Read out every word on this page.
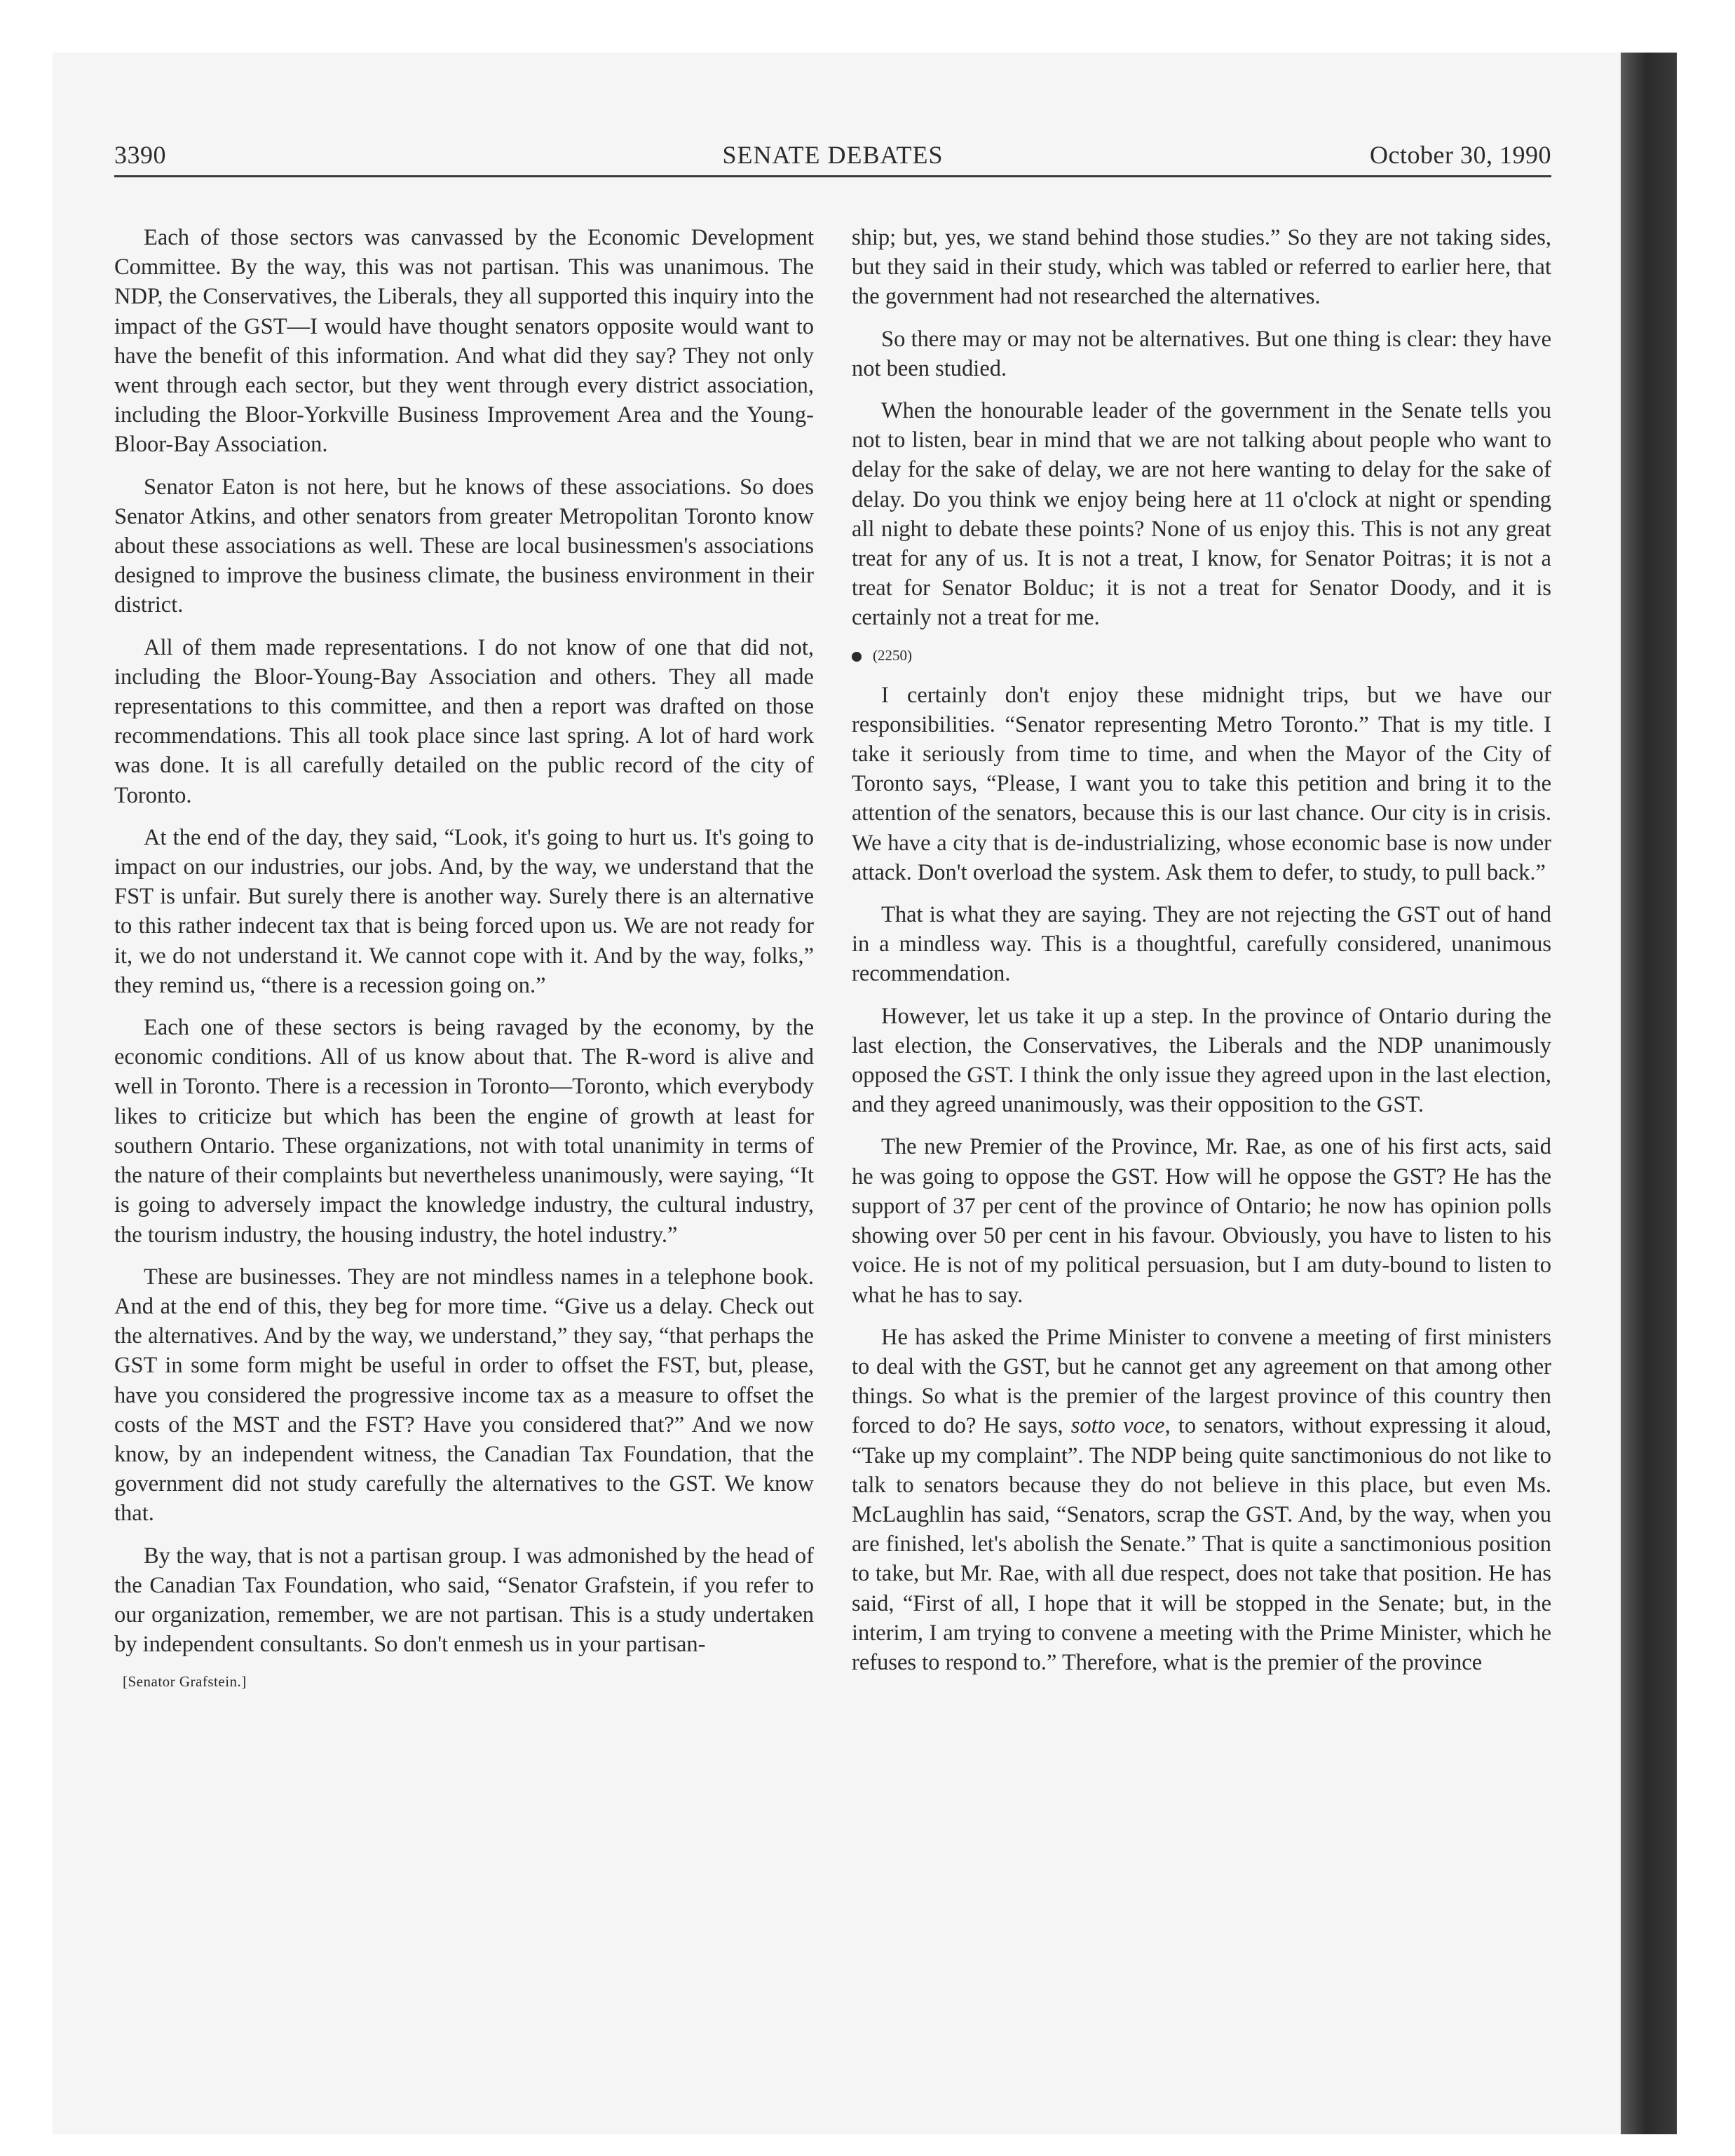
3390	SENATE DEBATES	October 30, 1990

Each of those sectors was canvassed by the Economic Development Committee. By the way, this was not partisan. This was unanimous. The NDP, the Conservatives, the Liberals, they all supported this inquiry into the impact of the GST—I would have thought senators opposite would want to have the benefit of this information. And what did they say? They not only went through each sector, but they went through every district association, including the Bloor-Yorkville Business Improvement Area and the Young-Bloor-Bay Association.

Senator Eaton is not here, but he knows of these associations. So does Senator Atkins, and other senators from greater Metropolitan Toronto know about these associations as well. These are local businessmen's associations designed to improve the business climate, the business environment in their district.

All of them made representations. I do not know of one that did not, including the Bloor-Young-Bay Association and others. They all made representations to this committee, and then a report was drafted on those recommendations. This all took place since last spring. A lot of hard work was done. It is all carefully detailed on the public record of the city of Toronto.

At the end of the day, they said, “Look, it's going to hurt us. It's going to impact on our industries, our jobs. And, by the way, we understand that the FST is unfair. But surely there is another way. Surely there is an alternative to this rather indecent tax that is being forced upon us. We are not ready for it, we do not understand it. We cannot cope with it. And by the way, folks,” they remind us, “there is a recession going on.”

Each one of these sectors is being ravaged by the economy, by the economic conditions. All of us know about that. The R-word is alive and well in Toronto. There is a recession in Toronto—Toronto, which everybody likes to criticize but which has been the engine of growth at least for southern Ontario. These organizations, not with total unanimity in terms of the nature of their complaints but nevertheless unanimously, were saying, “It is going to adversely impact the knowledge industry, the cultural industry, the tourism industry, the housing industry, the hotel industry.”

These are businesses. They are not mindless names in a telephone book. And at the end of this, they beg for more time. “Give us a delay. Check out the alternatives. And by the way, we understand,” they say, “that perhaps the GST in some form might be useful in order to offset the FST, but, please, have you considered the progressive income tax as a measure to offset the costs of the MST and the FST? Have you considered that?” And we now know, by an independent witness, the Canadian Tax Foundation, that the government did not study carefully the alternatives to the GST. We know that.

By the way, that is not a partisan group. I was admonished by the head of the Canadian Tax Foundation, who said, “Senator Grafstein, if you refer to our organization, remember, we are not partisan. This is a study undertaken by independent consultants. So don't enmesh us in your partisan-

[Senator Grafstein.]

ship; but, yes, we stand behind those studies.” So they are not taking sides, but they said in their study, which was tabled or referred to earlier here, that the government had not researched the alternatives.

So there may or may not be alternatives. But one thing is clear: they have not been studied.

When the honourable leader of the government in the Senate tells you not to listen, bear in mind that we are not talking about people who want to delay for the sake of delay, we are not here wanting to delay for the sake of delay. Do you think we enjoy being here at 11 o'clock at night or spending all night to debate these points? None of us enjoy this. This is not any great treat for any of us. It is not a treat, I know, for Senator Poitras; it is not a treat for Senator Bolduc; it is not a treat for Senator Doody, and it is certainly not a treat for me.

(2250)

I certainly don't enjoy these midnight trips, but we have our responsibilities. “Senator representing Metro Toronto.” That is my title. I take it seriously from time to time, and when the Mayor of the City of Toronto says, “Please, I want you to take this petition and bring it to the attention of the senators, because this is our last chance. Our city is in crisis. We have a city that is de-industrializing, whose economic base is now under attack. Don't overload the system. Ask them to defer, to study, to pull back.”

That is what they are saying. They are not rejecting the GST out of hand in a mindless way. This is a thoughtful, carefully considered, unanimous recommendation.

However, let us take it up a step. In the province of Ontario during the last election, the Conservatives, the Liberals and the NDP unanimously opposed the GST. I think the only issue they agreed upon in the last election, and they agreed unanimously, was their opposition to the GST.

The new Premier of the Province, Mr. Rae, as one of his first acts, said he was going to oppose the GST. How will he oppose the GST? He has the support of 37 per cent of the province of Ontario; he now has opinion polls showing over 50 per cent in his favour. Obviously, you have to listen to his voice. He is not of my political persuasion, but I am duty-bound to listen to what he has to say.

He has asked the Prime Minister to convene a meeting of first ministers to deal with the GST, but he cannot get any agreement on that among other things. So what is the premier of the largest province of this country then forced to do? He says, sotto voce, to senators, without expressing it aloud, “Take up my complaint”. The NDP being quite sanctimonious do not like to talk to senators because they do not believe in this place, but even Ms. McLaughlin has said, “Senators, scrap the GST. And, by the way, when you are finished, let's abolish the Senate.” That is quite a sanctimonious position to take, but Mr. Rae, with all due respect, does not take that position. He has said, “First of all, I hope that it will be stopped in the Senate; but, in the interim, I am trying to convene a meeting with the Prime Minister, which he refuses to respond to.” Therefore, what is the premier of the province
